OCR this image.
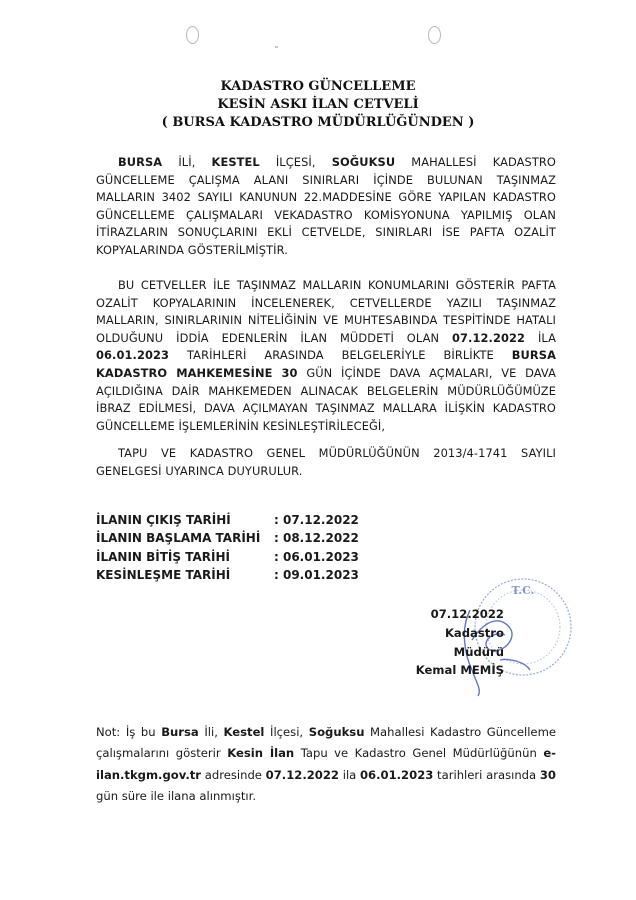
KADASTRO GÜNCELLEME
KESİN ASKI İLAN CETVELİ
( BURSA KADASTRO MÜDÜRLÜĞÜNDEN )
BURSA İLİ, KESTEL İLÇESİ, SOĞUKSU MAHALLESİ KADASTRO GÜNCELLEME ÇALIŞMA ALANI SINIRLARI İÇİNDE BULUNAN TAŞINMAZ MALLARIN 3402 SAYILI KANUNUN 22.MADDESİNE GÖRE YAPILAN KADASTRO GÜNCELLEME ÇALIŞMALARI VEKADASTRO KOMİSYONUNA YAPILMIŞ OLAN İTİRAZLARIN SONUÇLARINI EKLİ CETVELDE, SINIRLARI İSE PAFTA OZALİT KOPYALARINDA GÖSTERİLMİŞTİR.
BU CETVELLER İLE TAŞINMAZ MALLARIN KONUMLARINI GÖSTERİR PAFTA OZALİT KOPYALARININ İNCELENEREK, CETVELLERDE YAZILI TAŞINMAZ MALLARIN, SINIRLARININ NİTELİĞİNİN VE MUHTESABINDA TESPİTİNDE HATALI OLDUĞUNU İDDİA EDENLERİN İLAN MÜDDETİ OLAN 07.12.2022 İLA 06.01.2023 TARİHLERİ ARASINDA BELGELERİYLE BİRLİKTE BURSA KADASTRO MAHKEMESİNE 30 GÜN İÇİNDE DAVA AÇMALARI, VE DAVA AÇILDIĞINA DAİR MAHKEMEDEN ALINACAK BELGELERİN MÜDÜRLÜĞÜMÜZE İBRAZ EDİLMESİ, DAVA AÇILMAYAN TAŞINMAZ MALLARA İLİŞKİN KADASTRO GÜNCELLEME İŞLEMLERİNİN KESİNLEŞTİRİLECEĞİ,
TAPU VE KADASTRO GENEL MÜDÜRLÜĞÜNÜN 2013/4-1741 SAYILI GENELGESİ UYARINCA DUYURULUR.
İLANIN ÇIKIŞ TARİHİ	: 07.12.2022
İLANIN BAŞLAMA TARİHİ	: 08.12.2022
İLANIN BİTİŞ TARİHİ	: 06.01.2023
KESİNLEŞME TARİHİ	: 09.01.2023
T.C.
07.12.2022
Kadastro Müdürü
Kemal MEMİŞ
Not: İş bu Bursa İli, Kestel İlçesi, Soğuksu Mahallesi Kadastro Güncelleme çalışmalarını gösterir Kesin İlan Tapu ve Kadastro Genel Müdürlüğünün e-ilan.tkgm.gov.tr adresinde 07.12.2022 ila 06.01.2023 tarihleri arasında 30 gün süre ile ilana alınmıştır.
